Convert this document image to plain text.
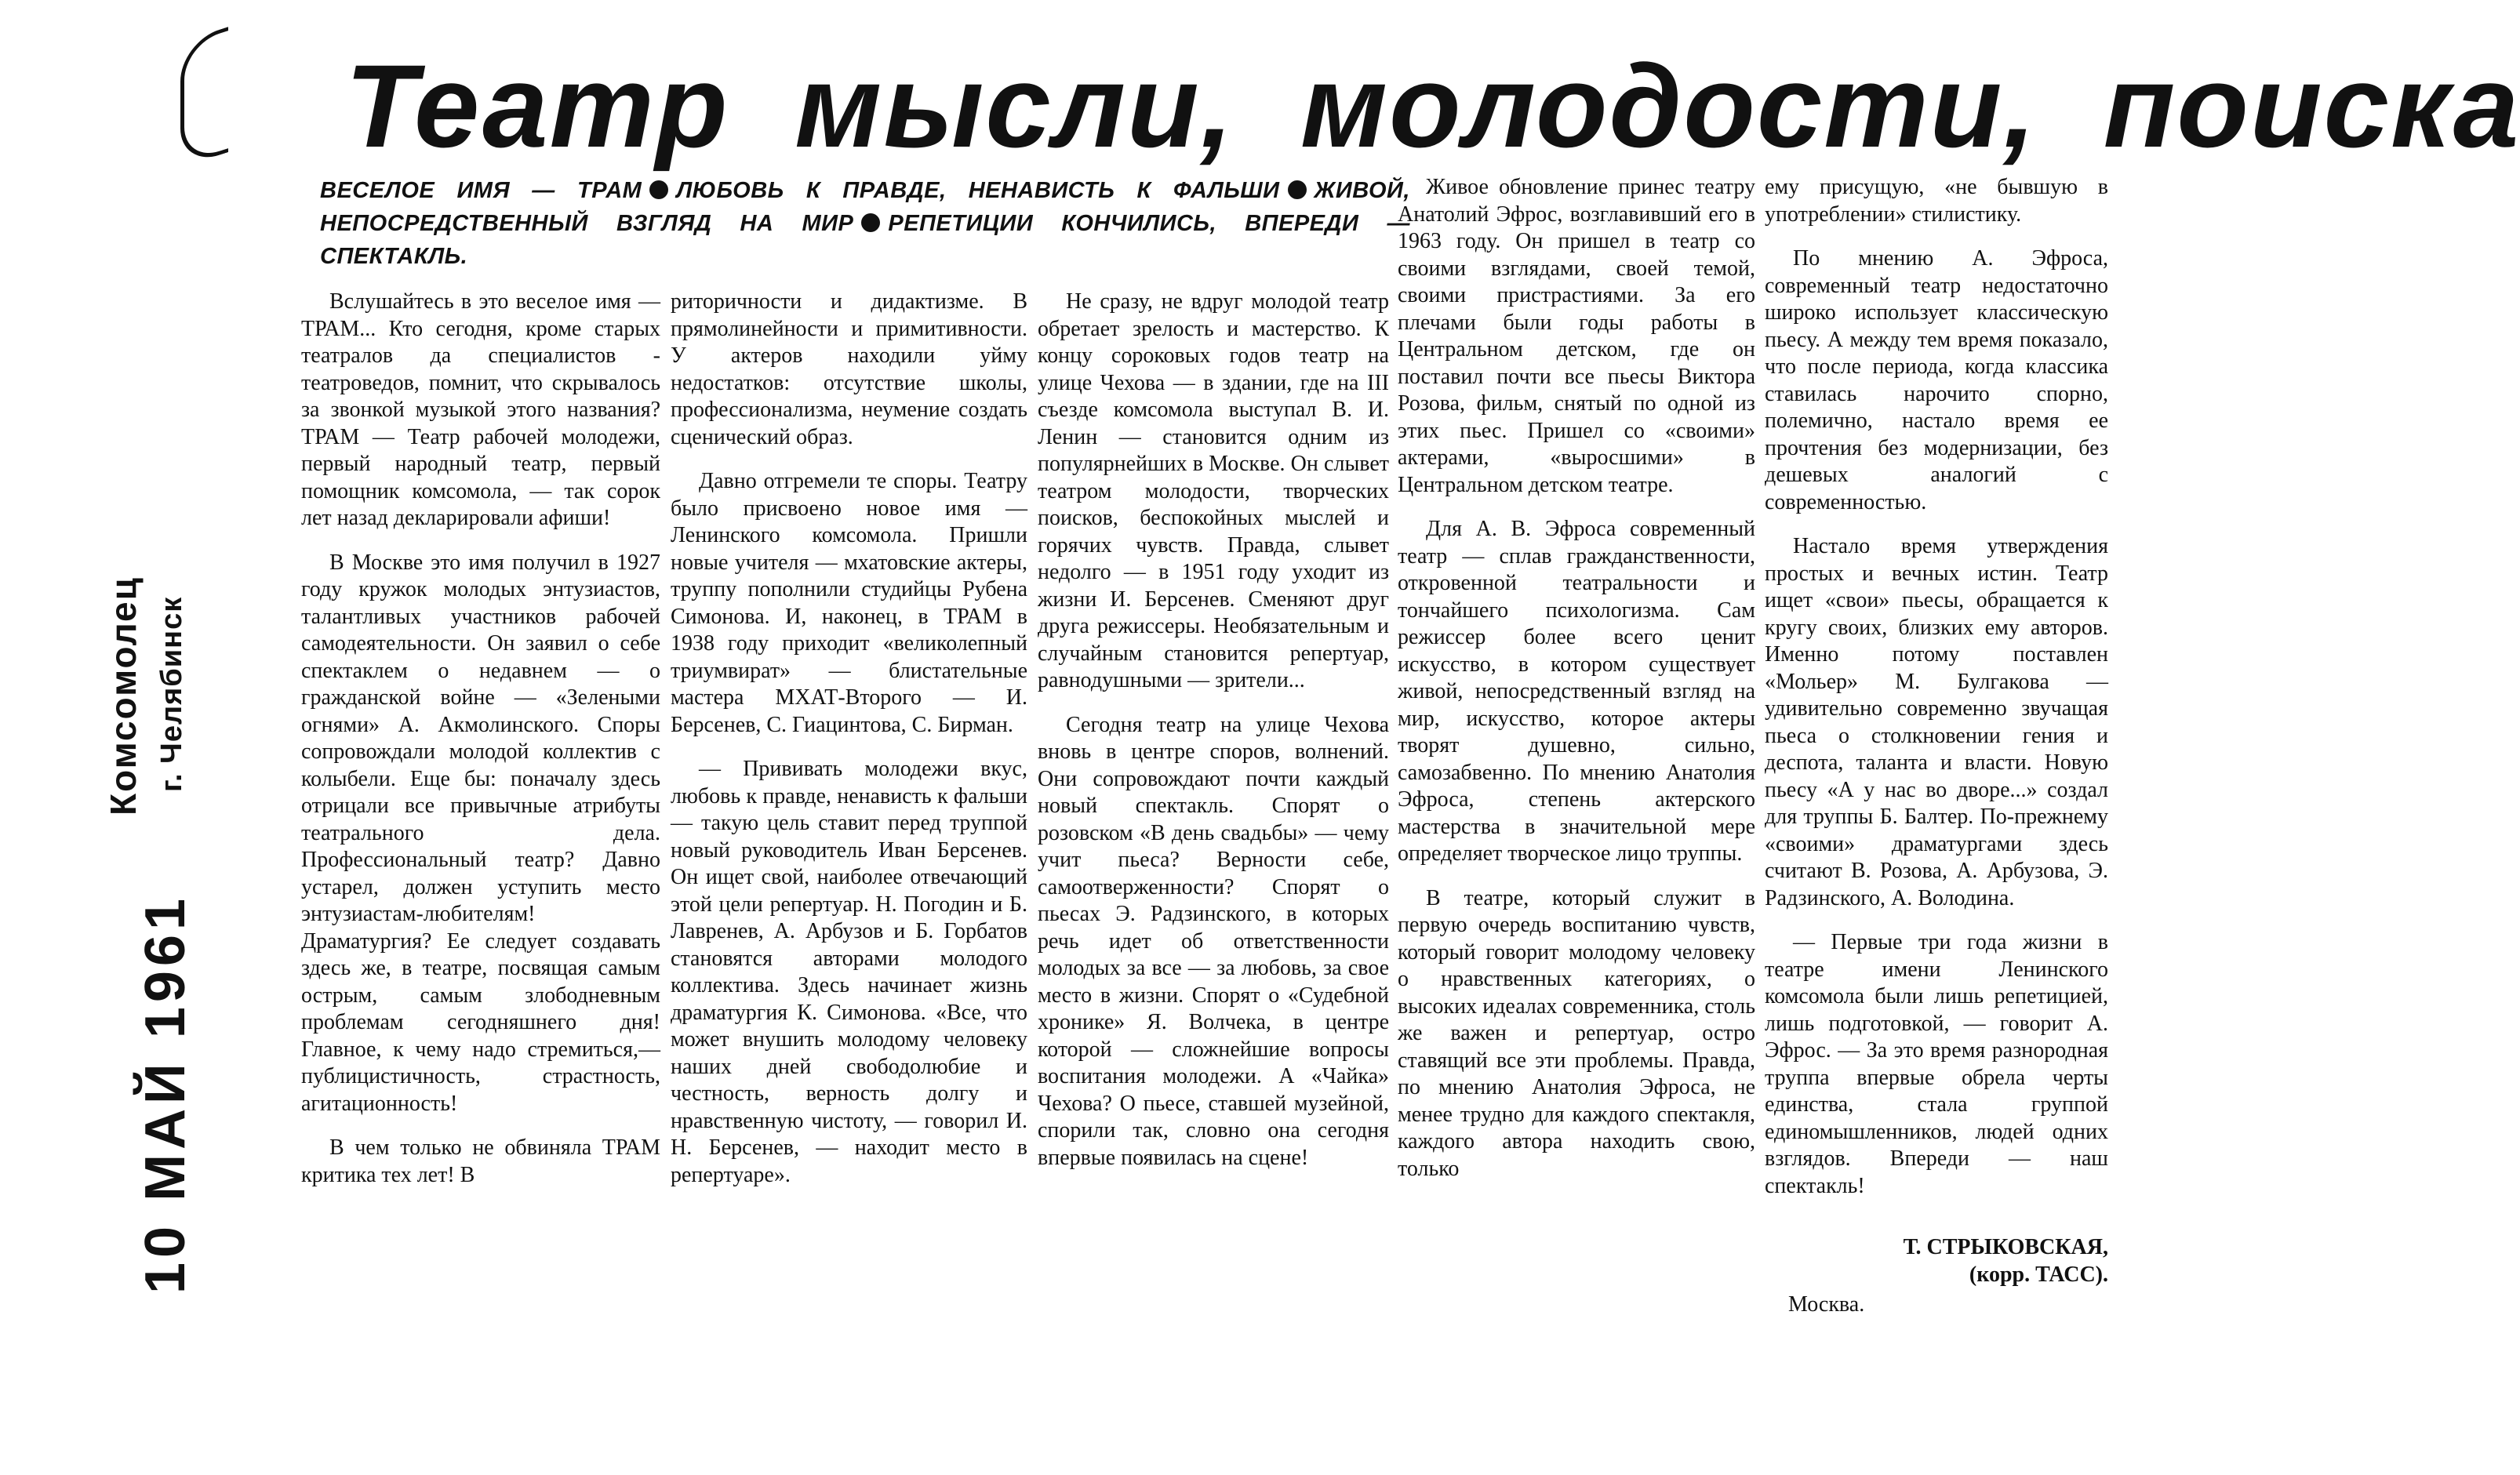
Комсомолец г. Челябинск
10 МАЙ 1961
Театр мысли, молодости, поиска
ВЕСЕЛОЕ ИМЯ — ТРАМ ЛЮБОВЬ К ПРАВДЕ, НЕНАВИСТЬ К ФАЛЬШИ ЖИВОЙ, НЕПОСРЕДСТВЕННЫЙ ВЗГЛЯД НА МИР РЕПЕТИЦИИ КОНЧИЛИСЬ, ВПЕРЕДИ — СПЕКТАКЛЬ.

Вслушайтесь в это веселое имя — ТРАМ... Кто сегодня, кроме старых театралов да специалистов - театроведов, помнит, что скрывалось за звонкой музыкой этого названия? ТРАМ — Театр рабочей молодежи, первый народный театр, первый помощник комсомола, — так сорок лет назад декларировали афиши!

В Москве это имя получил в 1927 году кружок молодых энтузиастов, талантливых участников рабочей самодеятельности. Он заявил о себе спектаклем о недавнем — о гражданской войне — «Зелеными огнями» А. Акмолинского. Споры сопровождали молодой коллектив с колыбели. Еще бы: поначалу здесь отрицали все привычные атрибуты театрального дела. Профессиональный театр? Давно устарел, должен уступить место энтузиастам-любителям! Драматургия? Ее следует создавать здесь же, в театре, посвящая самым острым, самым злободневным проблемам сегодняшнего дня! Главное, к чему надо стремиться,—публицистичность, страстность, агитационность!

В чем только не обвиняла ТРАМ критика тех лет! В

риторичности и дидактизме. В прямолинейности и примитивности. У актеров находили уйму недостатков: отсутствие школы, профессионализма, неумение создать сценический образ.

Давно отгремели те споры. Театру было присвоено новое имя — Ленинского комсомола. Пришли новые учителя — мхатовские актеры, труппу пополнили студийцы Рубена Симонова. И, наконец, в ТРАМ в 1938 году приходит «великолепный триумвират» — блистательные мастера МХАТ-Второго — И. Берсенев, С. Гиацинтова, С. Бирман.

— Прививать молодежи вкус, любовь к правде, ненависть к фальши — такую цель ставит перед труппой новый руководитель Иван Берсенев. Он ищет свой, наиболее отвечающий этой цели репертуар. Н. Погодин и Б. Лавренев, А. Арбузов и Б. Горбатов становятся авторами молодого коллектива. Здесь начинает жизнь драматургия К. Симонова. «Все, что может внушить молодому человеку наших дней свободолюбие и честность, верность долгу и нравственную чистоту, — говорил И. Н. Берсенев, — находит место в репертуаре».

Не сразу, не вдруг молодой театр обретает зрелость и мастерство. К концу сороковых годов театр на улице Чехова — в здании, где на III съезде комсомола выступал В. И. Ленин — становится одним из популярнейших в Москве. Он слывет театром молодости, творческих поисков, беспокойных мыслей и горячих чувств. Правда, слывет недолго — в 1951 году уходит из жизни И. Берсенев. Сменяют друг друга режиссеры. Необязательным и случайным становится репертуар, равнодушными — зрители...

Сегодня театр на улице Чехова вновь в центре споров, волнений. Они сопровождают почти каждый новый спектакль. Спорят о розовском «В день свадьбы» — чему учит пьеса? Верности себе, самоотверженности? Спорят о пьесах Э. Радзинского, в которых речь идет об ответственности молодых за все — за любовь, за свое место в жизни. Спорят о «Судебной хронике» Я. Волчека, в центре которой — сложнейшие вопросы воспитания молодежи. А «Чайка» Чехова? О пьесе, ставшей музейной, спорили так, словно она сегодня впервые появилась на сцене!

Живое обновление принес театру Анатолий Эфрос, возглавивший его в 1963 году. Он пришел в театр со своими взглядами, своей темой, своими пристрастиями. За его плечами были годы работы в Центральном детском, где он поставил почти все пьесы Виктора Розова, фильм, снятый по одной из этих пьес. Пришел со «своими» актерами, «выросшими» в Центральном детском театре.

Для А. В. Эфроса современный театр — сплав гражданственности, откровенной театральности и тончайшего психологизма. Сам режиссер более всего ценит искусство, в котором существует живой, непосредственный взгляд на мир, искусство, которое актеры творят душевно, сильно, самозабвенно. По мнению Анатолия Эфроса, степень актерского мастерства в значительной мере определяет творческое лицо труппы.

В театре, который служит в первую очередь воспитанию чувств, который говорит молодому человеку о нравственных категориях, о высоких идеалах современника, столь же важен и репертуар, остро ставящий все эти проблемы. Правда, по мнению Анатолия Эфроса, не менее трудно для каждого спектакля, каждого автора находить свою, только

ему присущую, «не бывшую в употреблении» стилистику.

По мнению А. Эфроса, современный театр недостаточно широко использует классическую пьесу. А между тем время показало, что после периода, когда классика ставилась нарочито спорно, полемично, настало время ее прочтения без модернизации, без дешевых аналогий с современностью.

Настало время утверждения простых и вечных истин. Театр ищет «свои» пьесы, обращается к кругу своих, близких ему авторов. Именно потому поставлен «Мольер» М. Булгакова — удивительно современно звучащая пьеса о столкновении гения и деспота, таланта и власти. Новую пьесу «А у нас во дворе...» создал для труппы Б. Балтер. По-прежнему «своими» драматургами здесь считают В. Розова, А. Арбузова, Э. Радзинского, А. Володина.

— Первые три года жизни в театре имени Ленинского комсомола были лишь репетицией, лишь подготовкой, — говорит А. Эфрос. — За это время разнородная труппа впервые обрела черты единства, стала группой единомышленников, людей одних взглядов. Впереди — наш спектакль!

Т. СТРЫКОВСКАЯ,
(корр. ТАСС).
Москва.
